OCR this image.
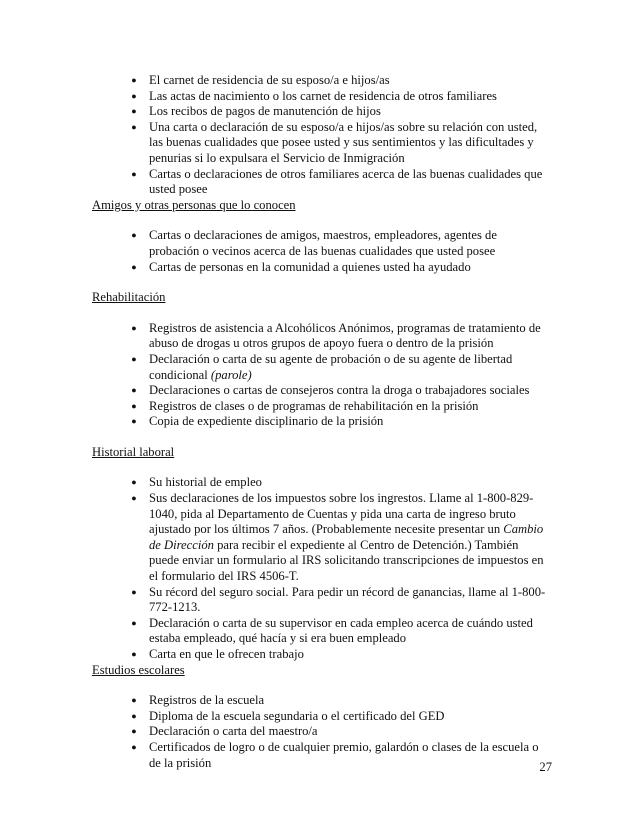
● El carnet de residencia de su esposo/a e hijos/as
● Las actas de nacimiento o los carnet de residencia de otros familiares
● Los recibos de pagos de manutención de hijos
● Una carta o declaración de su esposo/a e hijos/as sobre su relación con usted, las buenas cualidades que posee usted y sus sentimientos y las dificultades y penurias si lo expulsara el Servicio de Inmigración
● Cartas o declaraciones de otros familiares acerca de las buenas cualidades que usted posee
Amigos y otras personas que lo conocen
● Cartas o declaraciones de amigos, maestros, empleadores, agentes de probación o vecinos acerca de las buenas cualidades que usted posee
● Cartas de personas en la comunidad a quienes usted ha ayudado
Rehabilitación
● Registros de asistencia a Alcohólicos Anónimos, programas de tratamiento de abuso de drogas u otros grupos de apoyo fuera o dentro de la prisión
● Declaración o carta de su agente de probación o de su agente de libertad condicional (parole)
● Declaraciones o cartas de consejeros contra la droga o trabajadores sociales
● Registros de clases o de programas de rehabilitación en la prisión
● Copia de expediente disciplinario de la prisión
Historial laboral
● Su historial de empleo
● Sus declaraciones de los impuestos sobre los ingrestos. Llame al 1-800-829-1040, pida al Departamento de Cuentas y pida una carta de ingreso bruto ajustado por los últimos 7 años. (Probablemente necesite presentar un Cambio de Dirección para recibir el expediente al Centro de Detención.) También puede enviar un formulario al IRS solicitando transcripciones de impuestos en el formulario del IRS 4506-T.
● Su récord del seguro social. Para pedir un récord de ganancias, llame al 1-800-772-1213.
● Declaración o carta de su supervisor en cada empleo acerca de cuándo usted estaba empleado, qué hacía y si era buen empleado
● Carta en que le ofrecen trabajo
Estudios escolares
● Registros de la escuela
● Diploma de la escuela segundaria o el certificado del GED
● Declaración o carta del maestro/a
● Certificados de logro o de cualquier premio, galardón o clases de la escuela o de la prisión	27
